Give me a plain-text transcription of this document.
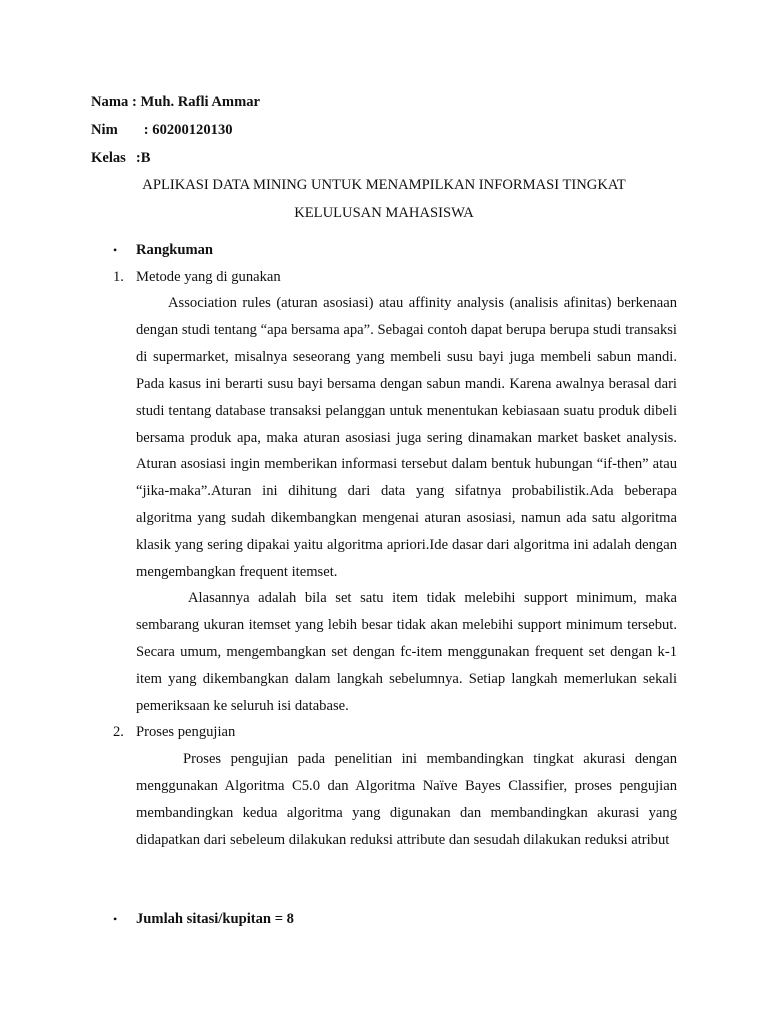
Nama : Muh. Rafli Ammar
Nim : 60200120130
Kelas :B
APLIKASI DATA MINING UNTUK MENAMPILKAN INFORMASI TINGKAT
KELULUSAN MAHASISWA
• Rangkuman
1. Metode yang di gunakan

Association rules (aturan asosiasi) atau affinity analysis (analisis afinitas) berkenaan dengan studi tentang “apa bersama apa”. Sebagai contoh dapat berupa berupa studi transaksi di supermarket, misalnya seseorang yang membeli susu bayi juga membeli sabun mandi. Pada kasus ini berarti susu bayi bersama dengan sabun mandi. Karena awalnya berasal dari studi tentang database transaksi pelanggan untuk menentukan kebiasaan suatu produk dibeli bersama produk apa, maka aturan asosiasi juga sering dinamakan market basket analysis. Aturan asosiasi ingin memberikan informasi tersebut dalam bentuk hubungan “if-then” atau “jika-maka”.Aturan ini dihitung dari data yang sifatnya probabilistik.Ada beberapa algoritma yang sudah dikembangkan mengenai aturan asosiasi, namun ada satu algoritma klasik yang sering dipakai yaitu algoritma apriori.Ide dasar dari algoritma ini adalah dengan mengembangkan frequent itemset.

Alasannya adalah bila set satu item tidak melebihi support minimum, maka sembarang ukuran itemset yang lebih besar tidak akan melebihi support minimum tersebut. Secara umum, mengembangkan set dengan fc-item menggunakan frequent set dengan k-1 item yang dikembangkan dalam langkah sebelumnya. Setiap langkah memerlukan sekali pemeriksaan ke seluruh isi database.

2. Proses pengujian

Proses pengujian pada penelitian ini membandingkan tingkat akurasi dengan menggunakan Algoritma C5.0 dan Algoritma Naïve Bayes Classifier, proses pengujian membandingkan kedua algoritma yang digunakan dan membandingkan akurasi yang didapatkan dari sebeleum dilakukan reduksi attribute dan sesudah dilakukan reduksi atribut

• Jumlah sitasi/kupitan = 8
